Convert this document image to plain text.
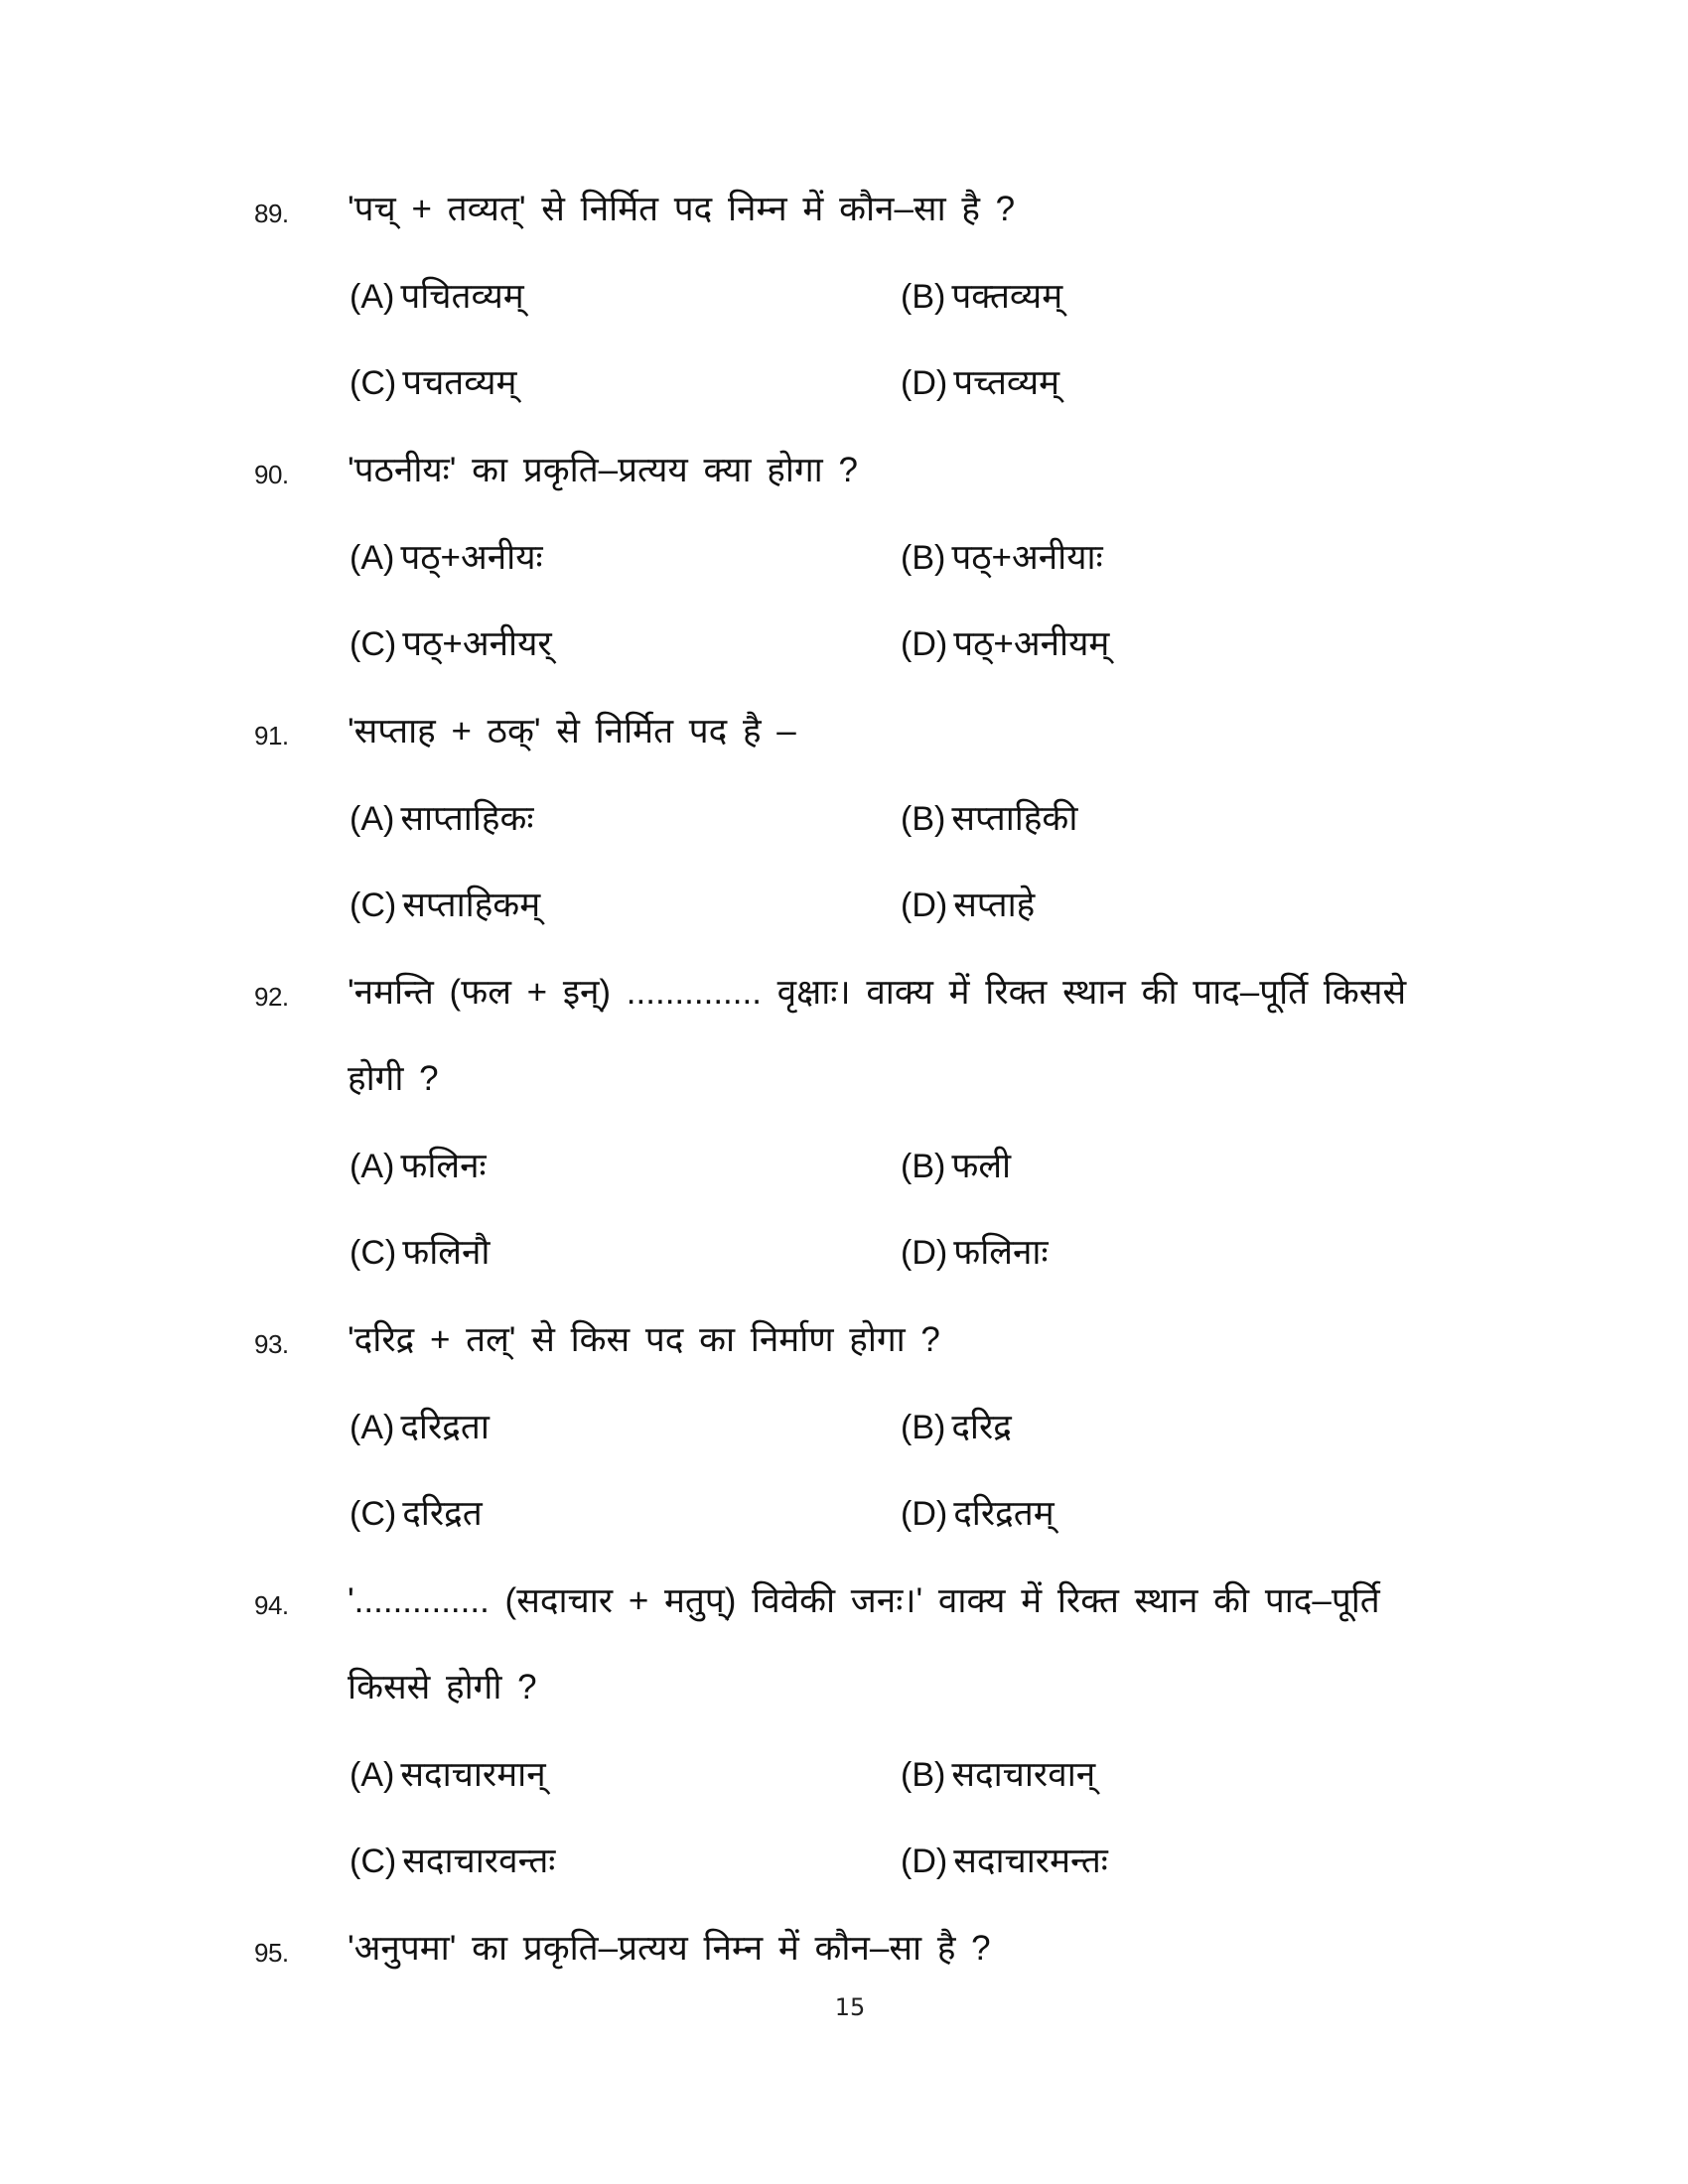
89. 'पच् + तव्यत्' से निर्मित पद निम्न में कौन–सा है ?
(A) पचितव्यम्	(B) पक्तव्यम्
(C) पचतव्यम्	(D) पच्तव्यम्
90. 'पठनीयः' का प्रकृति–प्रत्यय क्या होगा ?
(A) पठ्+अनीयः	(B) पठ्+अनीयाः
(C) पठ्+अनीयर्	(D) पठ्+अनीयम्
91. 'सप्ताह + ठक्' से निर्मित पद है –
(A) साप्ताहिकः	(B) सप्ताहिकी
(C) सप्ताहिकम्	(D) सप्ताहे
92. 'नमन्ति (फल + इन्) .............. वृक्षाः। वाक्य में रिक्त स्थान की पाद–पूर्ति किससे
होगी ?
(A) फलिनः	(B) फली
(C) फलिनौ	(D) फलिनाः
93. 'दरिद्र + तल्' से किस पद का निर्माण होगा ?
(A) दरिद्रता	(B) दरिद्र
(C) दरिद्रत	(D) दरिद्रतम्
94. '.............. (सदाचार + मतुप्) विवेकी जनः।' वाक्य में रिक्त स्थान की पाद–पूर्ति
किससे होगी ?
(A) सदाचारमान्	(B) सदाचारवान्
(C) सदाचारवन्तः	(D) सदाचारमन्तः
95. 'अनुपमा' का प्रकृति–प्रत्यय निम्न में कौन–सा है ?
15
